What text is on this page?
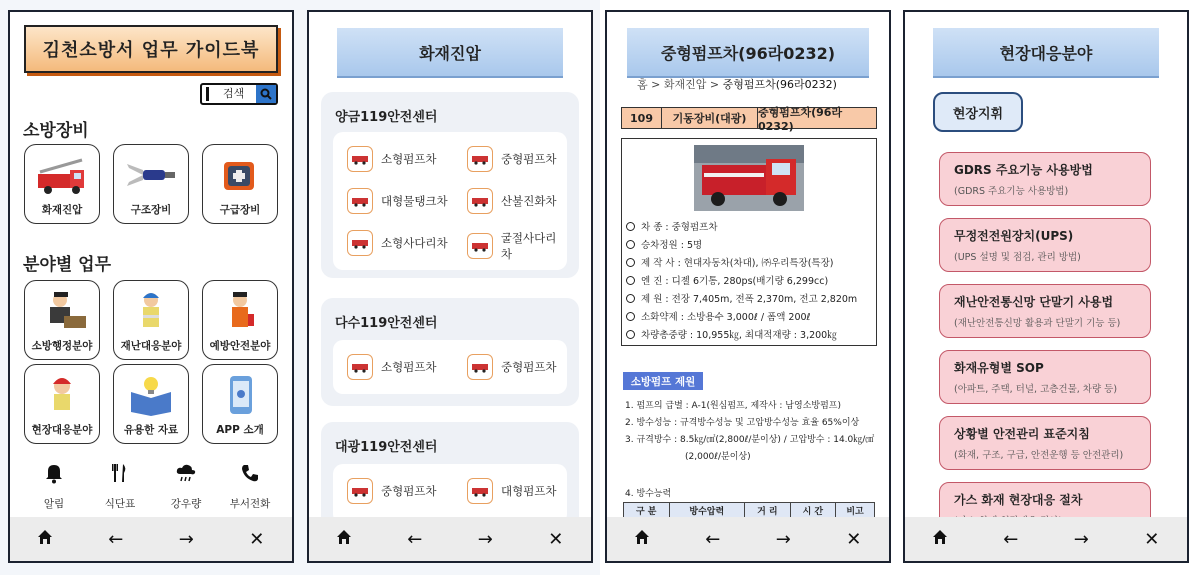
김천소방서 업무 가이드북
검색
소방장비
화재진압	구조장비	구급장비
분야별 업무
소방행정분야	재난대응분야	예방안전분야
현장대응분야	유용한 자료	APP 소개
알림	식단표	강우량	부서전화
←	→	✕
화재진압
양금119안전센터
소형펌프차	중형펌프차
대형물탱크차	산불진화차
소형사다리차	굴절사다리차
다수119안전센터
소형펌프차	중형펌프차
대광119안전센터
중형펌프차	대형펌프차
←	→	✕
중형펌프차(96라0232)
홈 > 화재진압 > 중형펌프차(96라0232)
109	기동장비(대광)	중형펌프차(96라0232)
차 종 : 중형펌프차
승차정원 : 5명
제 작 사 : 현대자동차(차대), ㈜우리특장(특장)
엔 진 : 디젤 6기통, 280ps(배기량 6,299cc)
제 원 : 전장 7,405m, 전폭 2,370m, 전고 2,820m
소화약제 : 소방용수 3,000ℓ / 폼액 200ℓ
차량총중량 : 10,955㎏, 최대적재량 : 3,200㎏
소방펌프 제원
1. 펌프의 급별 : A-1(원심펌프, 제작사 : 남영소방펌프)
2. 방수성능 : 규격방수성능 및 고압방수성능 효율 65%이상
3. 규격방수 : 8.5㎏/㎠(2,800ℓ/분이상) / 고압방수 : 14.0㎏/㎠
(2,000ℓ/분이상)
4. 방수능력
구 분	방수압력	거 리	시 간	비고
←	→	✕
현장대응분야
현장지휘
GDRS 주요기능 사용방법
(GDRS 주요기능 사용방법)
무정전전원장치(UPS)
(UPS 설명 및 점검, 관리 방법)
재난안전통신망 단말기 사용법
(재난안전통신망 활용과 단말기 기능 등)
화재유형별 SOP
(아파트, 주택, 터널, 고층건물, 차량 등)
상황별 안전관리 표준지침
(화재, 구조, 구급, 안전운행 등 안전관리)
가스 화재 현장대응 절차
←	→	✕
